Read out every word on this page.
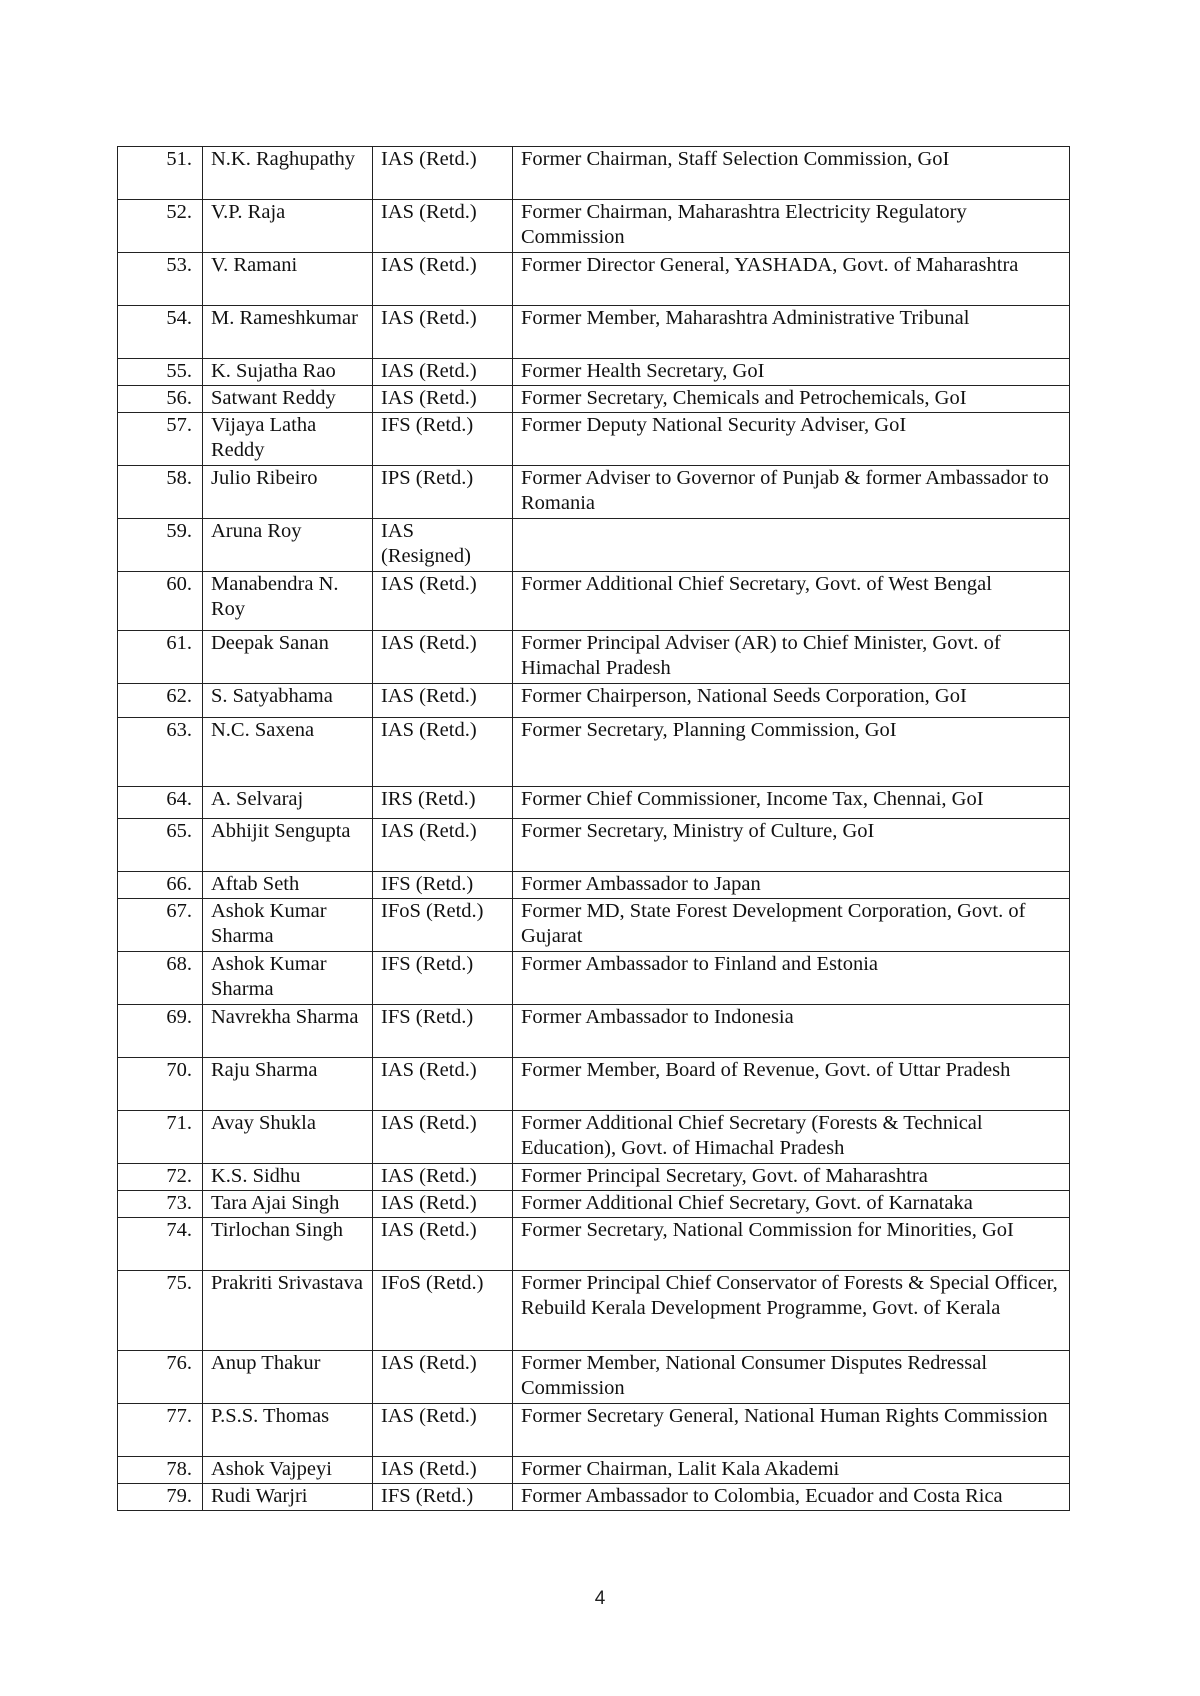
51.	N.K. Raghupathy	IAS (Retd.)	Former Chairman, Staff Selection Commission, GoI
52.	V.P. Raja	IAS (Retd.)	Former Chairman, Maharashtra Electricity Regulatory Commission
53.	V. Ramani	IAS (Retd.)	Former Director General, YASHADA, Govt. of Maharashtra
54.	M. Rameshkumar	IAS (Retd.)	Former Member, Maharashtra Administrative Tribunal
55.	K. Sujatha Rao	IAS (Retd.)	Former Health Secretary, GoI
56.	Satwant Reddy	IAS (Retd.)	Former Secretary, Chemicals and Petrochemicals, GoI
57.	Vijaya Latha Reddy	IFS (Retd.)	Former Deputy National Security Adviser, GoI
58.	Julio Ribeiro	IPS (Retd.)	Former Adviser to Governor of Punjab & former Ambassador to Romania
59.	Aruna Roy	IAS (Resigned)	
60.	Manabendra N. Roy	IAS (Retd.)	Former Additional Chief Secretary, Govt. of West Bengal
61.	Deepak Sanan	IAS (Retd.)	Former Principal Adviser (AR) to Chief Minister, Govt. of Himachal Pradesh
62.	S. Satyabhama	IAS (Retd.)	Former Chairperson, National Seeds Corporation, GoI
63.	N.C. Saxena	IAS (Retd.)	Former Secretary, Planning Commission, GoI
64.	A. Selvaraj	IRS (Retd.)	Former Chief Commissioner, Income Tax, Chennai, GoI
65.	Abhijit Sengupta	IAS (Retd.)	Former Secretary, Ministry of Culture, GoI
66.	Aftab Seth	IFS (Retd.)	Former Ambassador to Japan
67.	Ashok Kumar Sharma	IFoS (Retd.)	Former MD, State Forest Development Corporation, Govt. of Gujarat
68.	Ashok Kumar Sharma	IFS (Retd.)	Former Ambassador to Finland and Estonia
69.	Navrekha Sharma	IFS (Retd.)	Former Ambassador to Indonesia
70.	Raju Sharma	IAS (Retd.)	Former Member, Board of Revenue, Govt. of Uttar Pradesh
71.	Avay Shukla	IAS (Retd.)	Former Additional Chief Secretary (Forests & Technical Education), Govt. of Himachal Pradesh
72.	K.S. Sidhu	IAS (Retd.)	Former Principal Secretary, Govt. of Maharashtra
73.	Tara Ajai Singh	IAS (Retd.)	Former Additional Chief Secretary, Govt. of Karnataka
74.	Tirlochan Singh	IAS (Retd.)	Former Secretary, National Commission for Minorities, GoI
75.	Prakriti Srivastava	IFoS (Retd.)	Former Principal Chief Conservator of Forests & Special Officer, Rebuild Kerala Development Programme, Govt. of Kerala
76.	Anup Thakur	IAS (Retd.)	Former Member, National Consumer Disputes Redressal Commission
77.	P.S.S. Thomas	IAS (Retd.)	Former Secretary General, National Human Rights Commission
78.	Ashok Vajpeyi	IAS (Retd.)	Former Chairman, Lalit Kala Akademi
79.	Rudi Warjri	IFS (Retd.)	Former Ambassador to Colombia, Ecuador and Costa Rica
4
